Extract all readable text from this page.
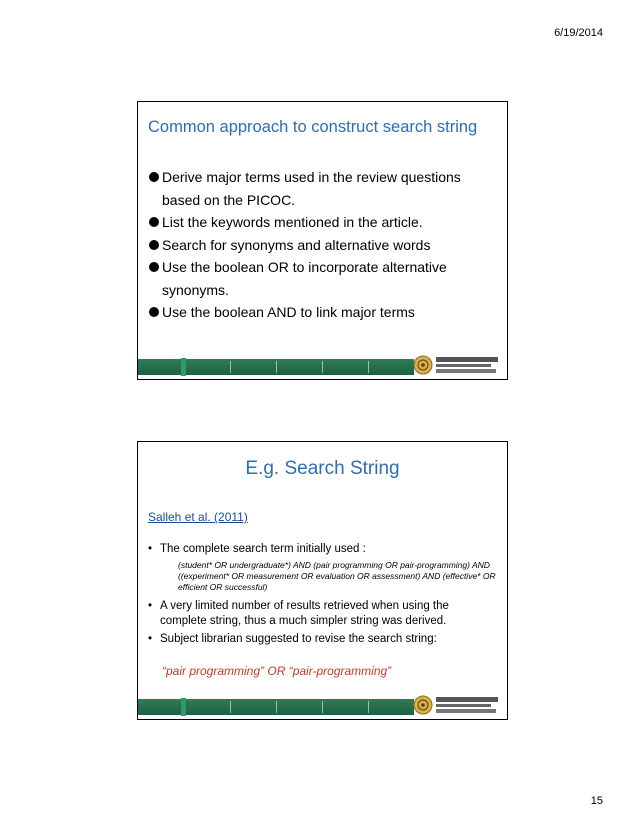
6/19/2014
Common approach to construct search string
Derive major terms used in the review questions based on the PICOC.
List the keywords mentioned in the article.
Search for synonyms and alternative words
Use the boolean OR to incorporate alternative synonyms.
Use the boolean AND to link major terms
E.g. Search String
Salleh et al. (2011)
• The complete search term initially used :
(student* OR undergraduate*) AND (pair programming OR pair-programming) AND ((experiment* OR measurement OR evaluation OR assessment) AND (effective* OR efficient OR successful)
• A very limited number of results retrieved when using the complete string, thus a much simpler string was derived.
• Subject librarian suggested to revise the search string:
“pair programming” OR “pair-programming”
15
